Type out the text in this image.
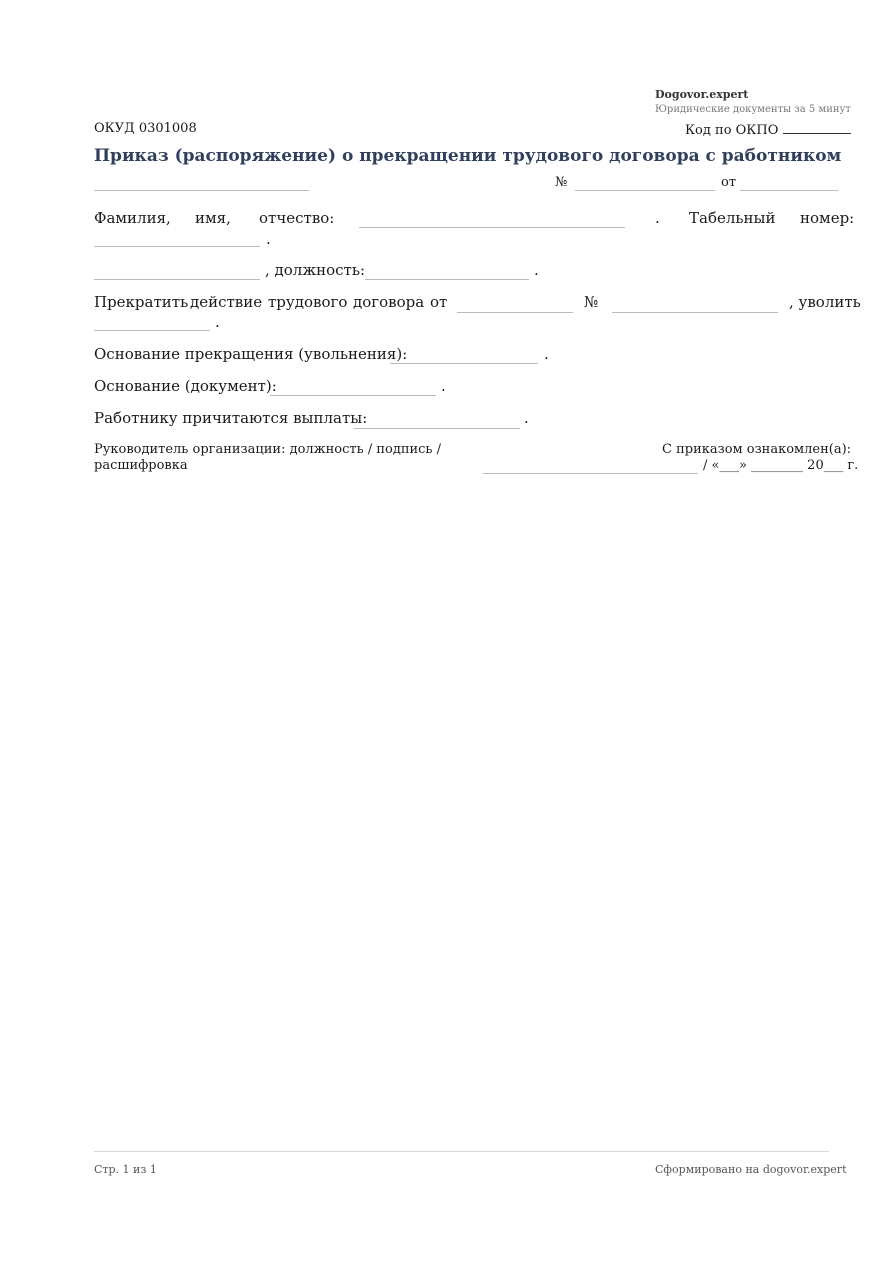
Dogovor.expert
Юридические документы за 5 минут
ОКУД 0301008	Код по ОКПО
Приказ (распоряжение) о прекращении трудового договора с работником
№	от
Фамилия, имя, отчество:	. Табельный номер:
.
, должность:	.
Прекратить действие трудового договора от	№	, уволить
.
Основание прекращения (увольнения):	.
Основание (документ):	.
Работнику причитаются выплаты:	.
Руководитель организации: должность / подпись /
расшифровка
С приказом ознакомлен(а):
/ «___» ________ 20___ г.
Стр. 1 из 1	Сформировано на dogovor.expert
